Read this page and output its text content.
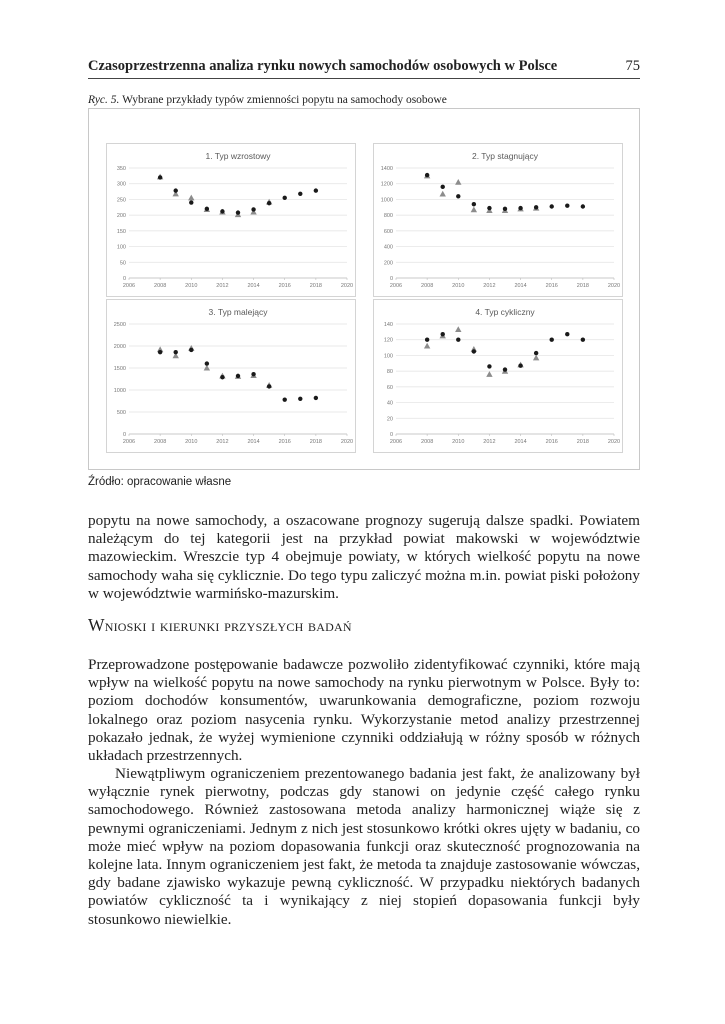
Czasoprzestrzenna analiza rynku nowych samochodów osobowych w Polsce	75
Ryc. 5. Wybrane przykłady typów zmienności popytu na samochody osobowe
1. Typ wzrostowy
0
50
100
150
200
250
300
350
2006	2008	2010	2012	2014	2016	2018	2020
2. Typ stagnujący
0
200
400
600
800
1000
1200
1400
2006	2008	2010	2012	2014	2016	2018	2020
3. Typ malejący
0
500
1000
1500
2000
2500
2006	2008	2010	2012	2014	2016	2018	2020
4. Typ cykliczny
0
20
40
60
80
100
120
140
2006	2008	2010	2012	2014	2016	2018	2020
Źródło: opracowanie własne

popytu na nowe samochody, a oszacowane prognozy sugerują dalsze spadki. Powiatem należącym do tej kategorii jest na przykład powiat makowski w województwie mazowieckim. Wreszcie typ 4 obejmuje powiaty, w których wielkość popytu na nowe samochody waha się cyklicznie. Do tego typu zaliczyć można m.in. powiat piski położony w województwie warmińsko-mazurskim.

Wnioski i kierunki przyszłych badań

Przeprowadzone postępowanie badawcze pozwoliło zidentyfikować czynniki, które mają wpływ na wielkość popytu na nowe samochody na rynku pierwotnym w Polsce. Były to: poziom dochodów konsumentów, uwarunkowania demograficzne, poziom rozwoju lokalnego oraz poziom nasycenia rynku. Wykorzystanie metod analizy przestrzennej pokazało jednak, że wyżej wymienione czynniki oddziałują w różny sposób w różnych układach przestrzennych.

Niewątpliwym ograniczeniem prezentowanego badania jest fakt, że analizowany był wyłącznie rynek pierwotny, podczas gdy stanowi on jedynie część całego rynku samochodowego. Również zastosowana metoda analizy harmonicznej wiąże się z pewnymi ograniczeniami. Jednym z nich jest stosunkowo krótki okres ujęty w badaniu, co może mieć wpływ na poziom dopasowania funkcji oraz skuteczność prognozowania na kolejne lata. Innym ograniczeniem jest fakt, że metoda ta znajduje zastosowanie wówczas, gdy badane zjawisko wykazuje pewną cykliczność. W przypadku niektórych badanych powiatów cykliczność ta i wynikający z niej stopień dopasowania funkcji były stosunkowo niewielkie.
